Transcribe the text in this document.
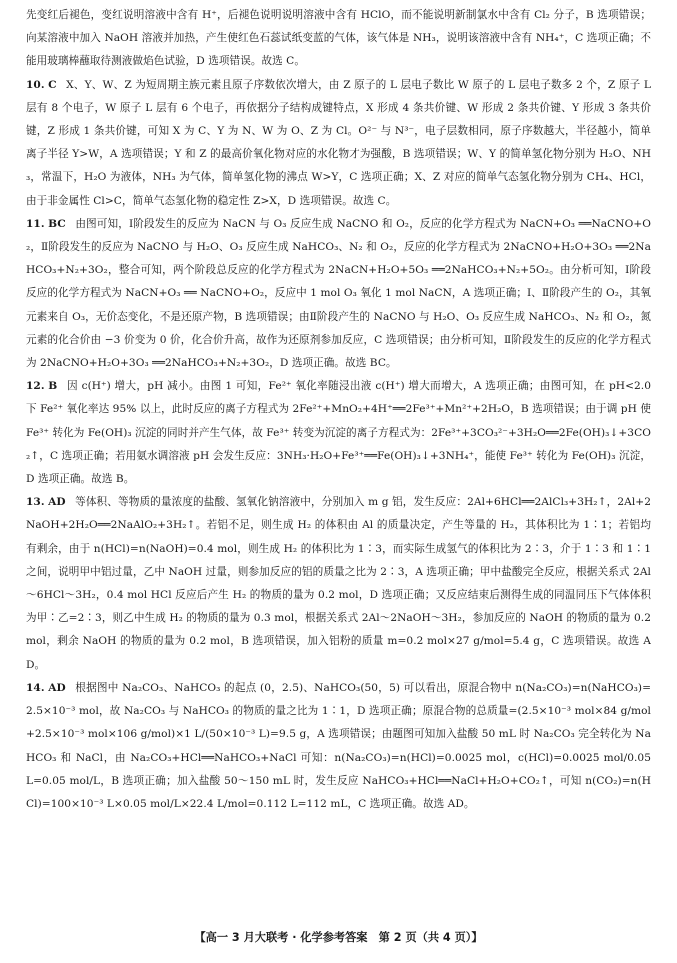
先变红后褪色，变红说明溶液中含有 H⁺，后褪色说明说明溶液中含有 HClO，而不能说明新制氯水中含有 Cl₂ 分子，B 选项错误；向某溶液中加入 NaOH 溶液并加热，产生使红色石蕊试纸变蓝的气体，该气体是 NH₃，说明该溶液中含有 NH₄⁺，C 选项正确；不能用玻璃棒蘸取待测液做焰色试验，D 选项错误。故选 C。

10. C X、Y、W、Z 为短周期主族元素且原子序数依次增大，由 Z 原子的 L 层电子数比 W 原子的 L 层电子数多 2 个，Z 原子 L 层有 8 个电子，W 原子 L 层有 6 个电子，再依据分子结构成键特点，X 形成 4 条共价键、W 形成 2 条共价键、Y 形成 3 条共价键，Z 形成 1 条共价键，可知 X 为 C、Y 为 N、W 为 O、Z 为 Cl。O²⁻ 与 N³⁻，电子层数相同，原子序数越大，半径越小，简单离子半径 Y>W，A 选项错误；Y 和 Z 的最高价氧化物对应的水化物才为强酸，B 选项错误；W、Y 的简单氢化物分别为 H₂O、NH₃，常温下，H₂O 为液体，NH₃ 为气体，简单氢化物的沸点 W>Y，C 选项正确；X、Z 对应的简单气态氢化物分别为 CH₄、HCl，由于非金属性 Cl>C，简单气态氢化物的稳定性 Z>X，D 选项错误。故选 C。

11. BC 由图可知，Ⅰ阶段发生的反应为 NaCN 与 O₃ 反应生成 NaCNO 和 O₂，反应的化学方程式为 NaCN+O₃ ══NaCNO+O₂，Ⅱ阶段发生的反应为 NaCNO 与 H₂O、O₃ 反应生成 NaHCO₃、N₂ 和 O₂，反应的化学方程式为 2NaCNO+H₂O+3O₃ ══2NaHCO₃+N₂+3O₂，整合可知，两个阶段总反应的化学方程式为 2NaCN+H₂O+5O₃ ══2NaHCO₃+N₂+5O₂。由分析可知，Ⅰ阶段反应的化学方程式为 NaCN+O₃ ══ NaCNO+O₂，反应中 1 mol O₃ 氧化 1 mol NaCN，A 选项正确；Ⅰ、Ⅱ阶段产生的 O₂，其氧元素来自 O₃，无价态变化，不是还原产物，B 选项错误；由Ⅱ阶段产生的 NaCNO 与 H₂O、O₃ 反应生成 NaHCO₃、N₂ 和 O₂，氮元素的化合价由 −3 价变为 0 价，化合价升高，故作为还原剂参加反应，C 选项错误；由分析可知，Ⅱ阶段发生的反应的化学方程式为 2NaCNO+H₂O+3O₃ ══2NaHCO₃+N₂+3O₂，D 选项正确。故选 BC。

12. B 因 c(H⁺) 增大，pH 减小。由图 1 可知，Fe²⁺ 氧化率随浸出液 c(H⁺) 增大而增大，A 选项正确；由图可知，在 pH<2.0 下 Fe²⁺ 氧化率达 95% 以上，此时反应的离子方程式为 2Fe²⁺+MnO₂+4H⁺══2Fe³⁺+Mn²⁺+2H₂O，B 选项错误；由于调 pH 使 Fe³⁺ 转化为 Fe(OH)₃ 沉淀的同时并产生气体，故 Fe³⁺ 转变为沉淀的离子方程式为：2Fe³⁺+3CO₃²⁻+3H₂O══2Fe(OH)₃↓+3CO₂↑，C 选项正确；若用氨水调溶液 pH 会发生反应：3NH₃·H₂O+Fe³⁺══Fe(OH)₃↓+3NH₄⁺，能使 Fe³⁺ 转化为 Fe(OH)₃ 沉淀，D 选项正确。故选 B。

13. AD 等体积、等物质的量浓度的盐酸、氢氧化钠溶液中，分别加入 m g 铝，发生反应：2Al+6HCl══2AlCl₃+3H₂↑，2Al+2NaOH+2H₂O══2NaAlO₂+3H₂↑。若铝不足，则生成 H₂ 的体积由 Al 的质量决定，产生等量的 H₂，其体积比为 1∶1；若铝均有剩余，由于 n(HCl)=n(NaOH)=0.4 mol，则生成 H₂ 的体积比为 1∶3，而实际生成氢气的体积比为 2∶3，介于 1∶3 和 1∶1 之间，说明甲中铝过量，乙中 NaOH 过量，则参加反应的铝的质量之比为 2∶3，A 选项正确；甲中盐酸完全反应，根据关系式 2Al～6HCl～3H₂，0.4 mol HCl 反应后产生 H₂ 的物质的量为 0.2 mol，D 选项正确；又反应结束后测得生成的同温同压下气体体积为甲∶乙=2∶3，则乙中生成 H₂ 的物质的量为 0.3 mol，根据关系式 2Al～2NaOH～3H₂，参加反应的 NaOH 的物质的量为 0.2 mol，剩余 NaOH 的物质的量为 0.2 mol，B 选项错误，加入铝粉的质量 m=0.2 mol×27 g/mol=5.4 g，C 选项错误。故选 AD。

14. AD 根据图中 Na₂CO₃、NaHCO₃ 的起点 (0，2.5)、NaHCO₃(50，5) 可以看出，原混合物中 n(Na₂CO₃)=n(NaHCO₃)=2.5×10⁻³ mol，故 Na₂CO₃ 与 NaHCO₃ 的物质的量之比为 1∶1，D 选项正确；原混合物的总质量=(2.5×10⁻³ mol×84 g/mol+2.5×10⁻³ mol×106 g/mol)×1 L/(50×10⁻³ L)=9.5 g，A 选项错误；由题图可知加入盐酸 50 mL 时 Na₂CO₃ 完全转化为 NaHCO₃ 和 NaCl，由 Na₂CO₃+HCl══NaHCO₃+NaCl 可知：n(Na₂CO₃)=n(HCl)=0.0025 mol，c(HCl)=0.0025 mol/0.05 L=0.05 mol/L，B 选项正确；加入盐酸 50～150 mL 时，发生反应 NaHCO₃+HCl══NaCl+H₂O+CO₂↑，可知 n(CO₂)=n(HCl)=100×10⁻³ L×0.05 mol/L×22.4 L/mol=0.112 L=112 mL，C 选项正确。故选 AD。

【高一 3 月大联考 · 化学参考答案　第 2 页（共 4 页）】
